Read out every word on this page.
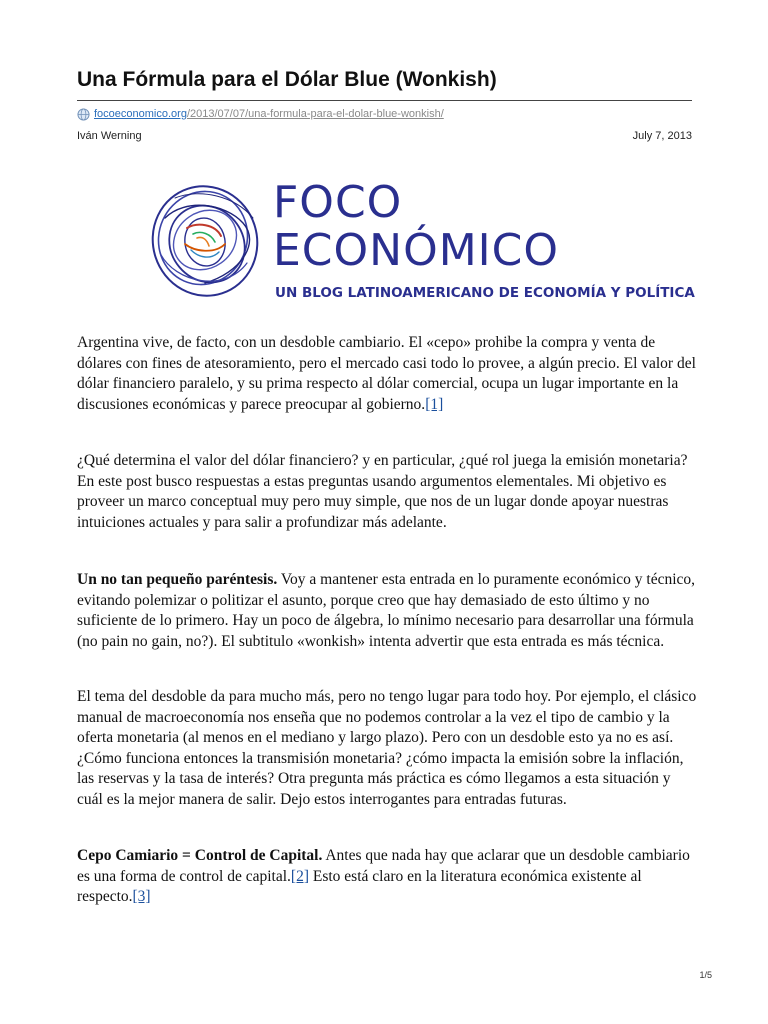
Una Fórmula para el Dólar Blue (Wonkish)
focoeconomico.org /2013/07/07/una-formula-para-el-dolar-blue-wonkish/
Iván Werning	July 7, 2013
FOCO
ECONÓMICO
UN BLOG LATINOAMERICANO DE ECONOMÍA Y POLÍTICA

Argentina vive, de facto, con un desdoble cambiario. El «cepo» prohibe la compra y venta de dólares con fines de atesoramiento, pero el mercado casi todo lo provee, a algún precio. El valor del dólar financiero paralelo, y su prima respecto al dólar comercial, ocupa un lugar importante en la discusiones económicas y parece preocupar al gobierno.[1]

¿Qué determina el valor del dólar financiero? y en particular, ¿qué rol juega la emisión monetaria? En este post busco respuestas a estas preguntas usando argumentos elementales. Mi objetivo es proveer un marco conceptual muy pero muy simple, que nos de un lugar donde apoyar nuestras intuiciones actuales y para salir a profundizar más adelante.

Un no tan pequeño paréntesis. Voy a mantener esta entrada en lo puramente económico y técnico, evitando polemizar o politizar el asunto, porque creo que hay demasiado de esto último y no suficiente de lo primero. Hay un poco de álgebra, lo mínimo necesario para desarrollar una fórmula (no pain no gain, no?). El subtitulo «wonkish» intenta advertir que esta entrada es más técnica.

El tema del desdoble da para mucho más, pero no tengo lugar para todo hoy. Por ejemplo, el clásico manual de macroeconomía nos enseña que no podemos controlar a la vez el tipo de cambio y la oferta monetaria (al menos en el mediano y largo plazo). Pero con un desdoble esto ya no es así. ¿Cómo funciona entonces la transmisión monetaria? ¿cómo impacta la emisión sobre la inflación, las reservas y la tasa de interés? Otra pregunta más práctica es cómo llegamos a esta situación y cuál es la mejor manera de salir. Dejo estos interrogantes para entradas futuras.

Cepo Camiario = Control de Capital. Antes que nada hay que aclarar que un desdoble cambiario es una forma de control de capital.[2] Esto está claro en la literatura económica existente al respecto.[3]

1/5
